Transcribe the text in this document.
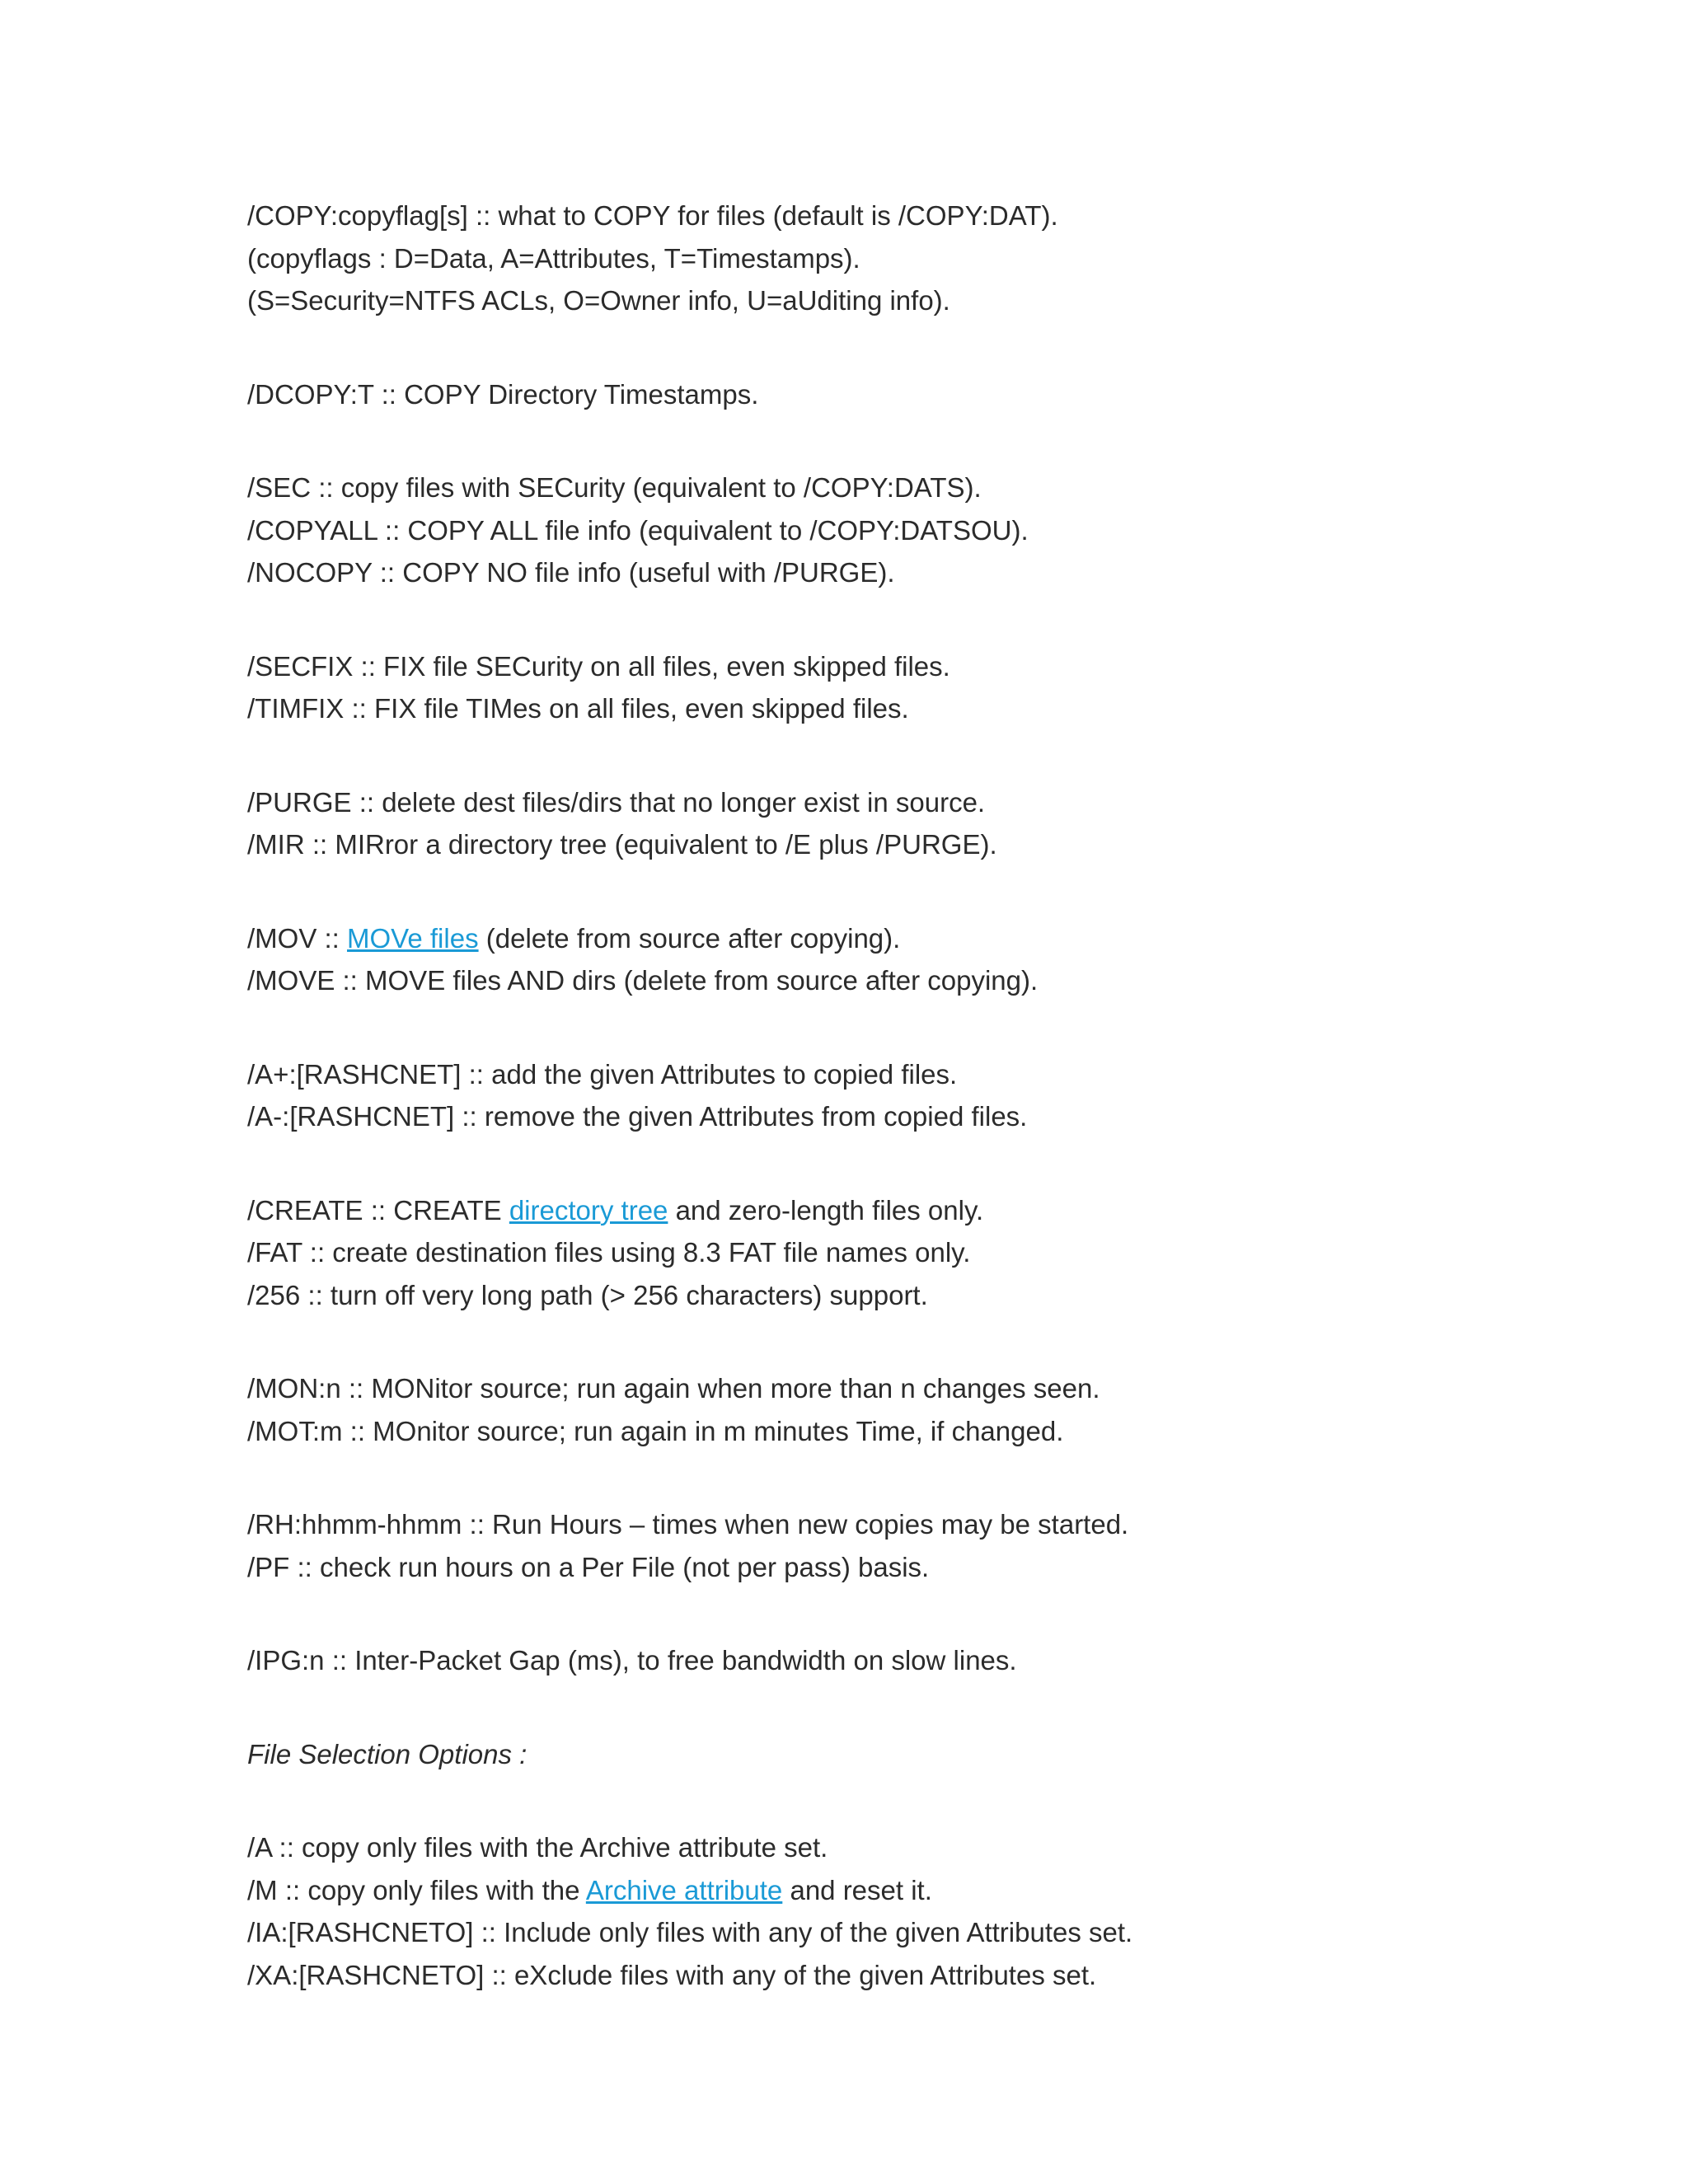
/COPY:copyflag[s] :: what to COPY for files (default is /COPY:DAT).
(copyflags : D=Data, A=Attributes, T=Timestamps).
(S=Security=NTFS ACLs, O=Owner info, U=aUditing info).
/DCOPY:T :: COPY Directory Timestamps.
/SEC :: copy files with SECurity (equivalent to /COPY:DATS).
/COPYALL :: COPY ALL file info (equivalent to /COPY:DATSOU).
/NOCOPY :: COPY NO file info (useful with /PURGE).
/SECFIX :: FIX file SECurity on all files, even skipped files.
/TIMFIX :: FIX file TIMes on all files, even skipped files.
/PURGE :: delete dest files/dirs that no longer exist in source.
/MIR :: MIRror a directory tree (equivalent to /E plus /PURGE).
/MOV :: MOVe files (delete from source after copying).
/MOVE :: MOVE files AND dirs (delete from source after copying).
/A+:[RASHCNET] :: add the given Attributes to copied files.
/A-:[RASHCNET] :: remove the given Attributes from copied files.
/CREATE :: CREATE directory tree and zero-length files only.
/FAT :: create destination files using 8.3 FAT file names only.
/256 :: turn off very long path (> 256 characters) support.
/MON:n :: MONitor source; run again when more than n changes seen.
/MOT:m :: MOnitor source; run again in m minutes Time, if changed.
/RH:hhmm-hhmm :: Run Hours – times when new copies may be started.
/PF :: check run hours on a Per File (not per pass) basis.
/IPG:n :: Inter-Packet Gap (ms), to free bandwidth on slow lines.
File Selection Options :
/A :: copy only files with the Archive attribute set.
/M :: copy only files with the Archive attribute and reset it.
/IA:[RASHCNETO] :: Include only files with any of the given Attributes set.
/XA:[RASHCNETO] :: eXclude files with any of the given Attributes set.
